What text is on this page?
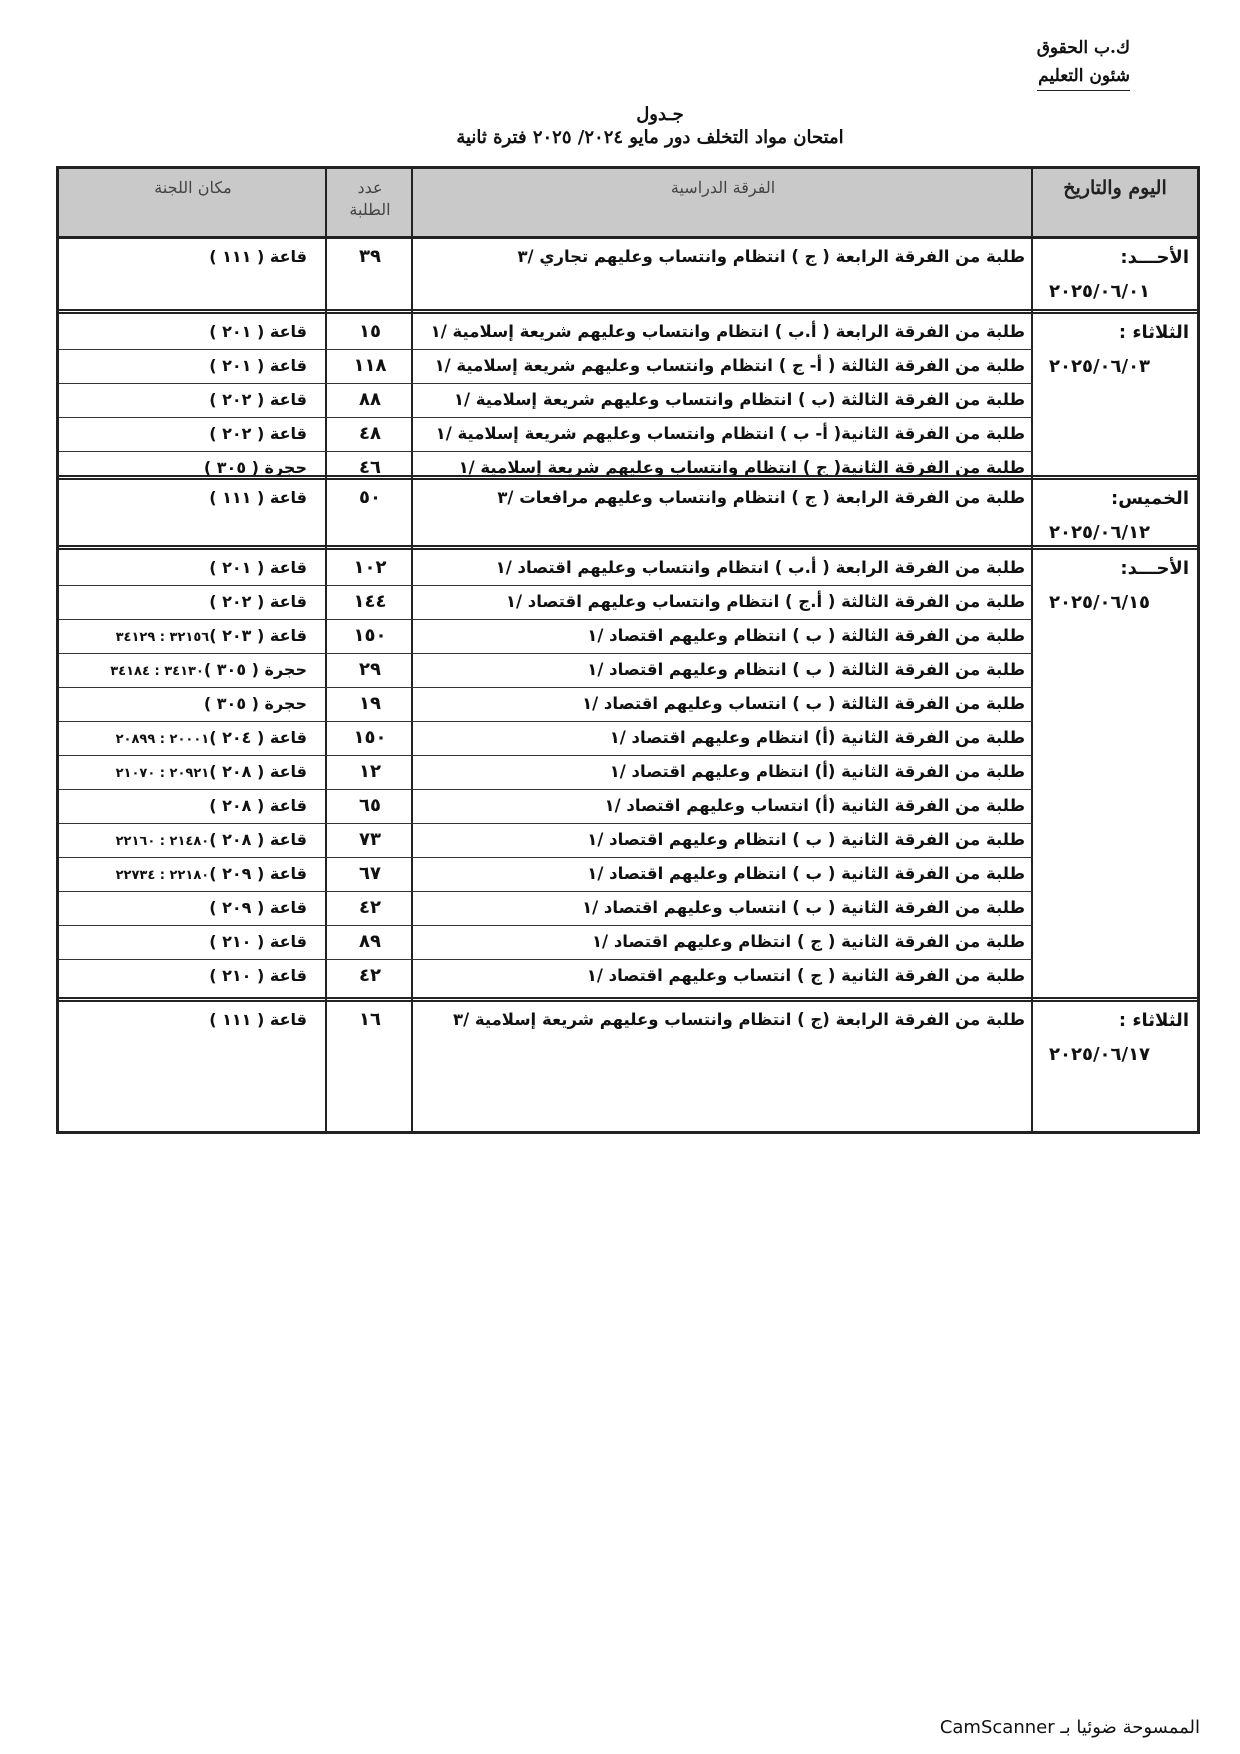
ك.ب الحقوق
شئون التعليم
جـدول
امتحان مواد التخلف دور مايو ٢٠٢٤/ ٢٠٢٥ فترة ثانية
اليوم والتاريخ
الفرقة الدراسية
عدد الطلبة
مكان اللجنة
الأحـــد:
٢٠٢٥/٠٦/٠١
طلبة من الفرقة الرابعة ( ج ) انتظام وانتساب وعليهم تجاري /٣
٣٩
قاعة ( ١١١ )
الثلاثاء :
٢٠٢٥/٠٦/٠٣
طلبة من الفرقة الرابعة ( أ.ب ) انتظام وانتساب وعليهم شريعة إسلامية /١
١٥
قاعة ( ٢٠١ )
طلبة من الفرقة الثالثة ( أ- ج ) انتظام وانتساب وعليهم شريعة إسلامية /١
١١٨
قاعة ( ٢٠١ )
طلبة من الفرقة الثالثة (ب ) انتظام وانتساب وعليهم شريعة إسلامية /١
٨٨
قاعة ( ٢٠٢ )
طلبة من الفرقة الثانية( أ- ب ) انتظام وانتساب وعليهم شريعة إسلامية /١
٤٨
قاعة ( ٢٠٢ )
طلبة من الفرقة الثانية( ج ) انتظام وانتساب وعليهم شريعة إسلامية /١
٤٦
حجرة ( ٣٠٥ )
الخميس:
٢٠٢٥/٠٦/١٢
طلبة من الفرقة الرابعة ( ج ) انتظام وانتساب وعليهم مرافعات /٣
٥٠
قاعة ( ١١١ )
الأحـــد:
٢٠٢٥/٠٦/١٥
طلبة من الفرقة الرابعة ( أ.ب ) انتظام وانتساب وعليهم اقتصاد /١
١٠٢
قاعة ( ٢٠١ )
طلبة من الفرقة الثالثة ( أ.ج ) انتظام وانتساب وعليهم اقتصاد /١
١٤٤
قاعة ( ٢٠٢ )
طلبة من الفرقة الثالثة ( ب ) انتظام وعليهم اقتصاد /١
١٥٠
قاعة ( ٢٠٣ )٣٢١٥٦ : ٣٤١٢٩
طلبة من الفرقة الثالثة ( ب ) انتظام وعليهم اقتصاد /١
٢٩
حجرة ( ٣٠٥ )٣٤١٣٠ : ٣٤١٨٤
طلبة من الفرقة الثالثة ( ب ) انتساب وعليهم اقتصاد /١
١٩
حجرة ( ٣٠٥ )
طلبة من الفرقة الثانية (أ) انتظام وعليهم اقتصاد /١
١٥٠
قاعة ( ٢٠٤ )٢٠٠٠١ : ٢٠٨٩٩
طلبة من الفرقة الثانية (أ) انتظام وعليهم اقتصاد /١
١٢
قاعة ( ٢٠٨ )٢٠٩٢١ : ٢١٠٧٠
طلبة من الفرقة الثانية (أ) انتساب وعليهم اقتصاد /١
٦٥
قاعة ( ٢٠٨ )
طلبة من الفرقة الثانية ( ب ) انتظام وعليهم اقتصاد /١
٧٣
قاعة ( ٢٠٨ )٢١٤٨٠ : ٢٢١٦٠
طلبة من الفرقة الثانية ( ب ) انتظام وعليهم اقتصاد /١
٦٧
قاعة ( ٢٠٩ )٢٢١٨٠ : ٢٢٧٣٤
طلبة من الفرقة الثانية ( ب ) انتساب وعليهم اقتصاد /١
٤٢
قاعة ( ٢٠٩ )
طلبة من الفرقة الثانية ( ج ) انتظام وعليهم اقتصاد /١
٨٩
قاعة ( ٢١٠ )
طلبة من الفرقة الثانية ( ج ) انتساب وعليهم اقتصاد /١
٤٢
قاعة ( ٢١٠ )
الثلاثاء :
٢٠٢٥/٠٦/١٧
طلبة من الفرقة الرابعة (ج ) انتظام وانتساب وعليهم شريعة إسلامية /٣
١٦
قاعة ( ١١١ )
الممسوحة ضوئيا بـ CamScanner
